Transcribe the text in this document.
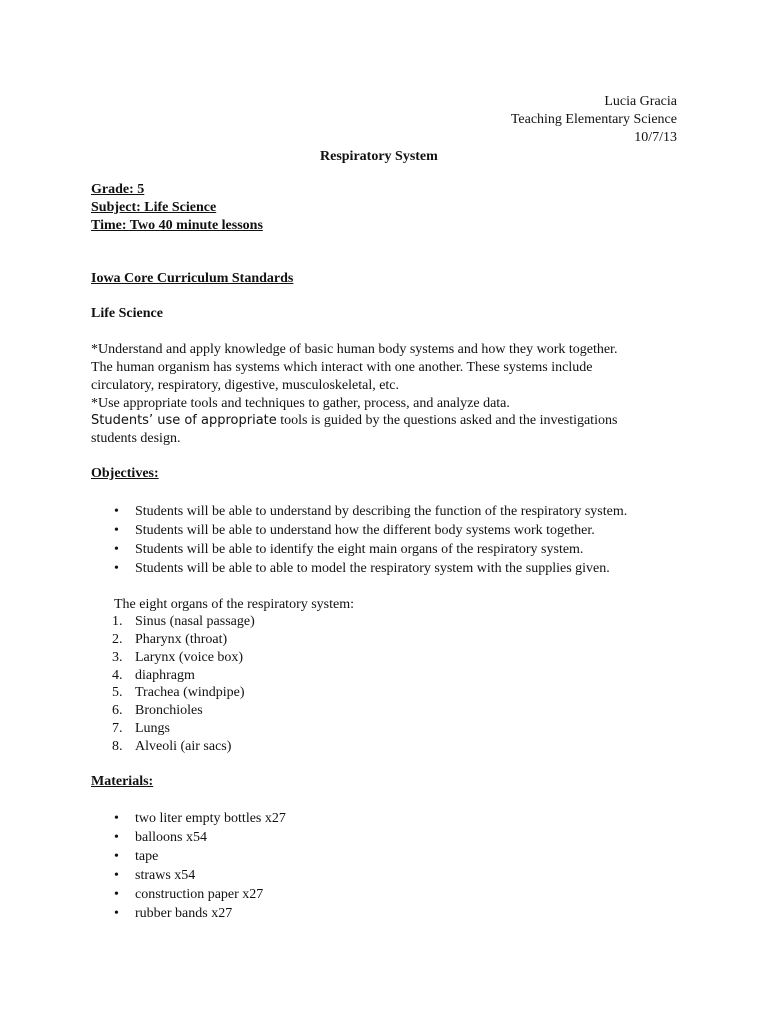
Lucia Gracia
Teaching Elementary Science
10/7/13
Respiratory System
Grade: 5
Subject: Life Science
Time: Two 40 minute lessons
Iowa Core Curriculum Standards
Life Science
*Understand and apply knowledge of basic human body systems and how they work together.
The human organism has systems which interact with one another. These systems include
circulatory, respiratory, digestive, musculoskeletal, etc.
*Use appropriate tools and techniques to gather, process, and analyze data.
Students’ use of appropriate tools is guided by the questions asked and the investigations
students design.
Objectives:
• Students will be able to understand by describing the function of the respiratory system.
• Students will be able to understand how the different body systems work together.
• Students will be able to identify the eight main organs of the respiratory system.
• Students will be able to able to model the respiratory system with the supplies given.
The eight organs of the respiratory system:
1. Sinus (nasal passage)
2. Pharynx (throat)
3. Larynx (voice box)
4. diaphragm
5. Trachea (windpipe)
6. Bronchioles
7. Lungs
8. Alveoli (air sacs)
Materials:
• two liter empty bottles x27
• balloons x54
• tape
• straws x54
• construction paper x27
• rubber bands x27
